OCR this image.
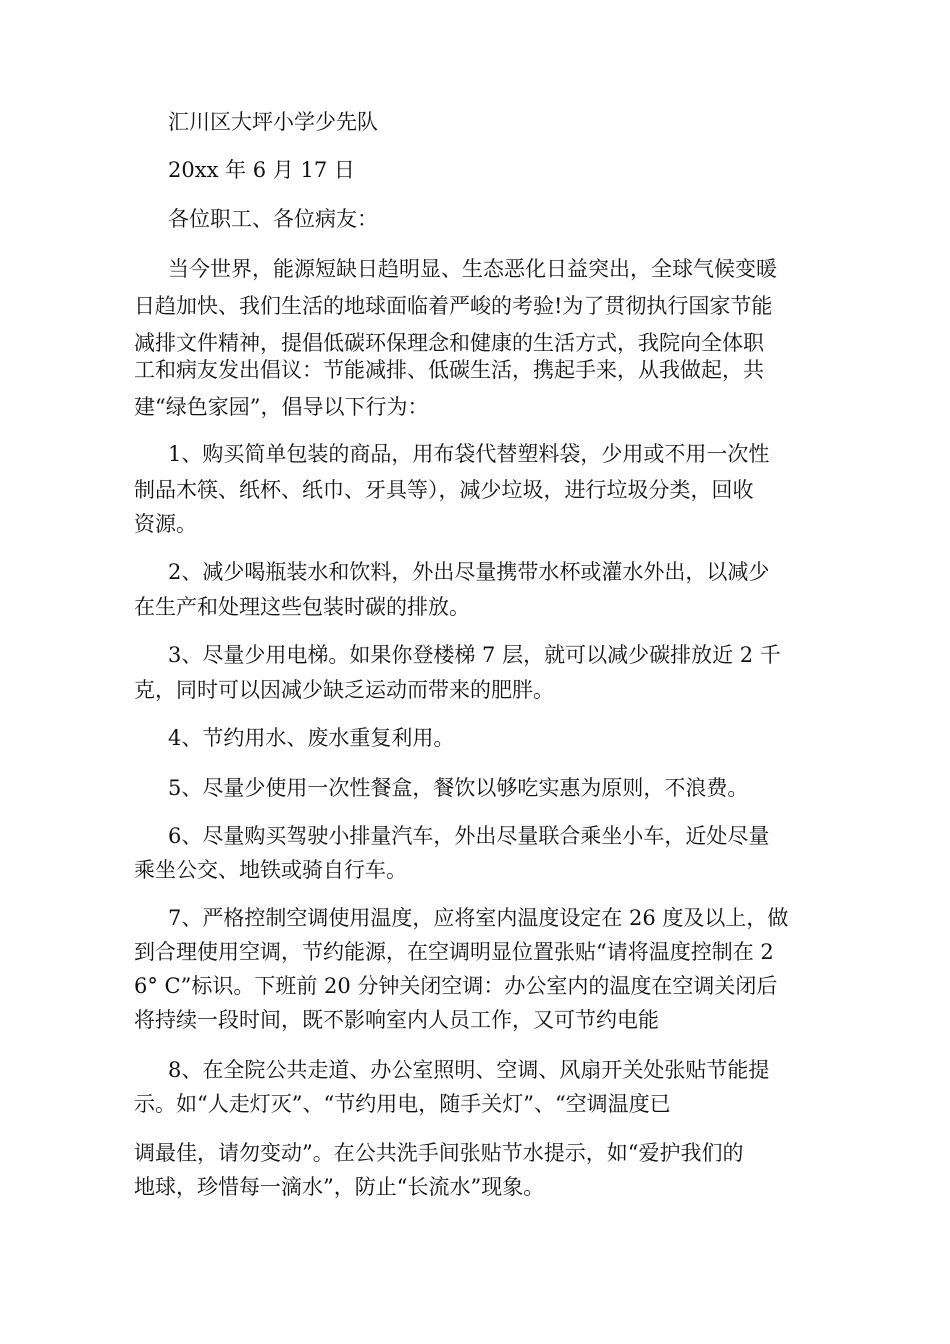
汇川区大坪小学少先队
20xx 年 6 月 17 日
各位职工、各位病友：
当今世界，能源短缺日趋明显、生态恶化日益突出，全球气候变暖
日趋加快、我们生活的地球面临着严峻的考验!为了贯彻执行国家节能
减排文件精神，提倡低碳环保理念和健康的生活方式，我院向全体职
工和病友发出倡议：节能减排、低碳生活，携起手来，从我做起，共
建“绿色家园”，倡导以下行为：
1、购买简单包装的商品，用布袋代替塑料袋，少用或不用一次性
制品木筷、纸杯、纸巾、牙具等），减少垃圾，进行垃圾分类，回收
资源。
2、减少喝瓶装水和饮料，外出尽量携带水杯或灌水外出，以减少
在生产和处理这些包装时碳的排放。
3、尽量少用电梯。如果你登楼梯 7 层，就可以减少碳排放近 2 千
克，同时可以因减少缺乏运动而带来的肥胖。
4、节约用水、废水重复利用。
5、尽量少使用一次性餐盒，餐饮以够吃实惠为原则，不浪费。
6、尽量购买驾驶小排量汽车，外出尽量联合乘坐小车，近处尽量
乘坐公交、地铁或骑自行车。
7、严格控制空调使用温度，应将室内温度设定在 26 度及以上，做
到合理使用空调，节约能源，在空调明显位置张贴“请将温度控制在 2
6° C”标识。下班前 20 分钟关闭空调：办公室内的温度在空调关闭后
将持续一段时间，既不影响室内人员工作，又可节约电能
8、在全院公共走道、办公室照明、空调、风扇开关处张贴节能提
示。如“人走灯灭”、“节约用电，随手关灯”、“空调温度已
调最佳，请勿变动”。在公共洗手间张贴节水提示，如“爱护我们的
地球，珍惜每一滴水”，防止“长流水”现象。
